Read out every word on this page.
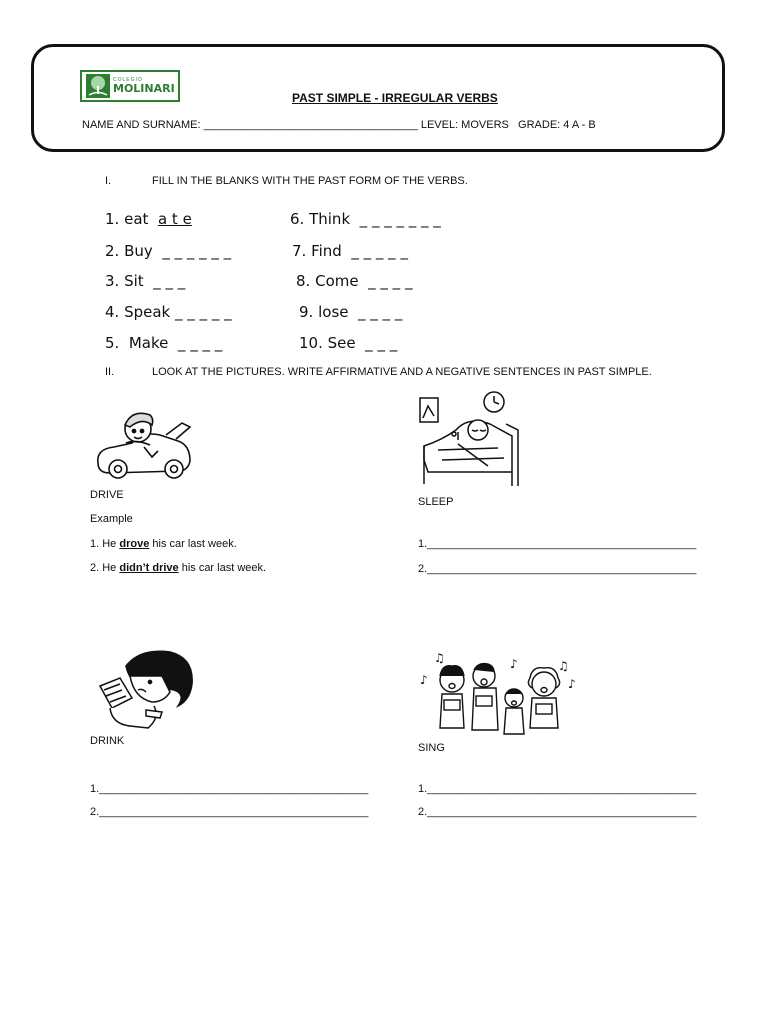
COLEGIO
MOLINARI
PAST SIMPLE - IRREGULAR VERBS
NAME AND SURNAME: ___________________________________ LEVEL: MOVERS GRADE: 4 A - B
I.	FILL IN THE BLANKS WITH THE PAST FORM OF THE VERBS.
1. eat a t e
2. Buy _ _ _ _ _ _
3. Sit _ _ _
4. Speak _ _ _ _ _
5. Make _ _ _ _
6. Think _ _ _ _ _ _ _
7. Find _ _ _ _ _
8. Come _ _ _ _
9. lose _ _ _ _
10. See _ _ _
II.	LOOK AT THE PICTURES. WRITE AFFIRMATIVE AND A NEGATIVE SENTENCES IN PAST SIMPLE.
DRIVE
Example
1. He drove his car last week.
2. He didn’t drive his car last week.
SLEEP
1.____________________________________________
2.____________________________________________
DRINK
1.____________________________________________
2.____________________________________________
♪
♫	♪	♫
♪
SING
1.____________________________________________
2.____________________________________________
